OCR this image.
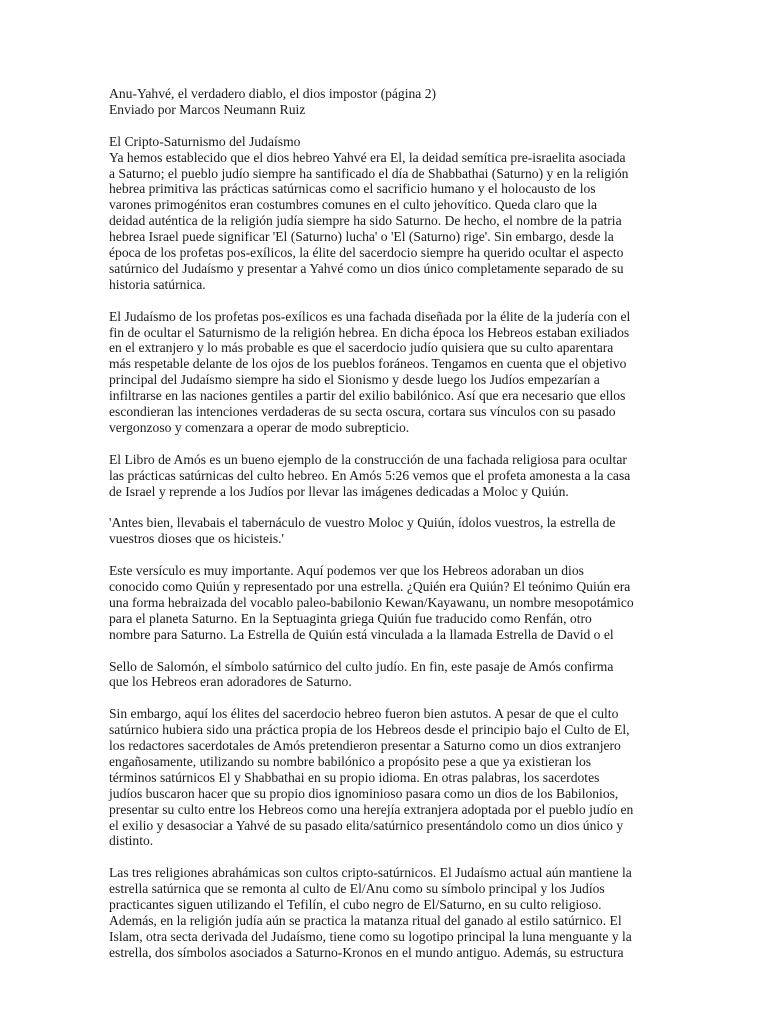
Anu-Yahvé, el verdadero diablo, el dios impostor (página 2)
Enviado por Marcos Neumann Ruiz

El Cripto-Saturnismo del Judaísmo
Ya hemos establecido que el dios hebreo Yahvé era El, la deidad semítica pre-israelita asociada
a Saturno; el pueblo judío siempre ha santificado el día de Shabbathai (Saturno) y en la religión
hebrea primitiva las prácticas satúrnicas como el sacrificio humano y el holocausto de los
varones primogénitos eran costumbres comunes en el culto jehovítico. Queda claro que la
deidad auténtica de la religión judía siempre ha sido Saturno. De hecho, el nombre de la patria
hebrea Israel puede significar 'El (Saturno) lucha' o 'El (Saturno) rige'. Sin embargo, desde la
época de los profetas pos-exílicos, la élite del sacerdocio siempre ha querido ocultar el aspecto
satúrnico del Judaísmo y presentar a Yahvé como un dios único completamente separado de su
historia satúrnica.

El Judaísmo de los profetas pos-exílicos es una fachada diseñada por la élite de la judería con el
fin de ocultar el Saturnismo de la religión hebrea. En dicha época los Hebreos estaban exiliados
en el extranjero y lo más probable es que el sacerdocio judío quisiera que su culto aparentara
más respetable delante de los ojos de los pueblos foráneos. Tengamos en cuenta que el objetivo
principal del Judaísmo siempre ha sido el Sionismo y desde luego los Judíos empezarían a
infiltrarse en las naciones gentiles a partir del exilio babilónico. Así que era necesario que ellos
escondieran las intenciones verdaderas de su secta oscura, cortara sus vínculos con su pasado
vergonzoso y comenzara a operar de modo subrepticio.

El Libro de Amós es un bueno ejemplo de la construcción de una fachada religiosa para ocultar
las prácticas satúrnicas del culto hebreo. En Amós 5:26 vemos que el profeta amonesta a la casa
de Israel y reprende a los Judíos por llevar las imágenes dedicadas a Moloc y Quiún.

'Antes bien, llevabais el tabernáculo de vuestro Moloc y Quiún, ídolos vuestros, la estrella de
vuestros dioses que os hicisteis.'

Este versículo es muy importante. Aquí podemos ver que los Hebreos adoraban un dios
conocido como Quiún y representado por una estrella. ¿Quién era Quiún? El teónimo Quiún era
una forma hebraizada del vocablo paleo-babilonio Kewan/Kayawanu, un nombre mesopotámico
para el planeta Saturno. En la Septuaginta griega Quiún fue traducido como Renfán, otro
nombre para Saturno. La Estrella de Quiún está vinculada a la llamada Estrella de David o el

Sello de Salomón, el símbolo satúrnico del culto judío. En fin, este pasaje de Amós confirma
que los Hebreos eran adoradores de Saturno.

Sin embargo, aquí los élites del sacerdocio hebreo fueron bien astutos. A pesar de que el culto
satúrnico hubiera sido una práctica propia de los Hebreos desde el principio bajo el Culto de El,
los redactores sacerdotales de Amós pretendieron presentar a Saturno como un dios extranjero
engañosamente, utilizando su nombre babilónico a propósito pese a que ya existieran los
términos satúrnicos El y Shabbathai en su propio idioma. En otras palabras, los sacerdotes
judíos buscaron hacer que su propio dios ignominioso pasara como un dios de los Babilonios,
presentar su culto entre los Hebreos como una herejía extranjera adoptada por el pueblo judío en
el exilio y desasociar a Yahvé de su pasado elita/satúrnico presentándolo como un dios único y
distinto.

Las tres religiones abrahámicas son cultos cripto-satúrnicos. El Judaísmo actual aún mantiene la
estrella satúrnica que se remonta al culto de El/Anu como su símbolo principal y los Judíos
practicantes siguen utilizando el Tefilín, el cubo negro de El/Saturno, en su culto religioso.
Además, en la religión judía aún se practica la matanza ritual del ganado al estilo satúrnico. El
Islam, otra secta derivada del Judaísmo, tiene como su logotipo principal la luna menguante y la
estrella, dos símbolos asociados a Saturno-Kronos en el mundo antiguo. Además, su estructura
